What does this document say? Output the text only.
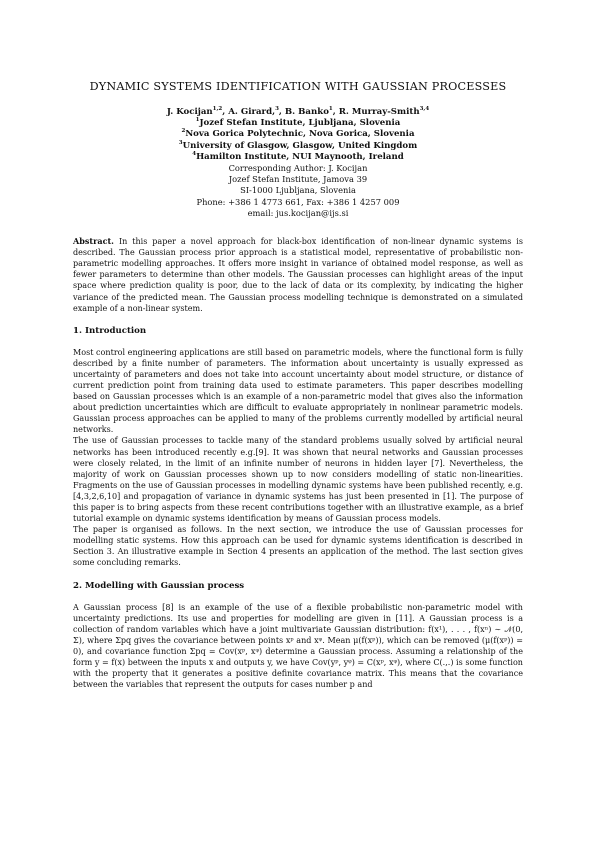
DYNAMIC SYSTEMS IDENTIFICATION WITH GAUSSIAN PROCESSES
J. Kocijan$^{1,2}$, A. Girard,$^3$, B. Banko$^1$, R. Murray-Smith$^{3,4}$
$^1$Jozef Stefan Institute, Ljubljana, Slovenia
$^2$Nova Gorica Polytechnic, Nova Gorica, Slovenia
$^3$University of Glasgow, Glasgow, United Kingdom
$^4$Hamilton Institute, NUI Maynooth, Ireland
Corresponding Author: J. Kocijan
Jozef Stefan Institute, Jamova 39
SI-1000 Ljubljana, Slovenia
Phone: +386 1 4773 661, Fax: +386 1 4257 009
email: jus.kocijan@ijs.si
Abstract. In this paper a novel approach for black-box identification of non-linear dynamic systems is described. The Gaussian process prior approach is a statistical model, representative of probabilistic non-parametric modelling approaches. It offers more insight in variance of obtained model response, as well as fewer parameters to determine than other models. The Gaussian processes can highlight areas of the input space where prediction quality is poor, due to the lack of data or its complexity, by indicating the higher variance of the predicted mean. The Gaussian process modelling technique is demonstrated on a simulated example of a non-linear system.
1. Introduction

Most control engineering applications are still based on parametric models, where the functional form is fully described by a finite number of parameters. The information about uncertainty is usually expressed as uncertainty of parameters and does not take into account uncertainty about model structure, or distance of current prediction point from training data used to estimate parameters. This paper describes modelling based on Gaussian processes which is an example of a non-parametric model that gives also the information about prediction uncertainties which are difficult to evaluate appropriately in nonlinear parametric models. Gaussian process approaches can be applied to many of the problems currently modelled by artificial neural networks.

The use of Gaussian processes to tackle many of the standard problems usually solved by artificial neural networks has been introduced recently e.g.[9]. It was shown that neural networks and Gaussian processes were closely related, in the limit of an infinite number of neurons in hidden layer [7]. Nevertheless, the majority of work on Gaussian processes shown up to now considers modelling of static non-linearities. Fragments on the use of Gaussian processes in modelling dynamic systems have been published recently, e.g. [4,3,2,6,10] and propagation of variance in dynamic systems has just been presented in [1]. The purpose of this paper is to bring aspects from these recent contributions together with an illustrative example, as a brief tutorial example on dynamic systems identification by means of Gaussian process models.

The paper is organised as follows. In the next section, we introduce the use of Gaussian processes for modelling static systems. How this approach can be used for dynamic systems identification is described in Section 3. An illustrative example in Section 4 presents an application of the method. The last section gives some concluding remarks.

2. Modelling with Gaussian process

A Gaussian process [8] is an example of the use of a flexible probabilistic non-parametric model with uncertainty predictions. Its use and properties for modelling are given in [11]. A Gaussian process is a collection of random variables which have a joint multivariate Gaussian distribution: f(x¹), . . . , f(xⁿ) ∼ 𝒩(0, Σ), where Σpq gives the covariance between points xᵖ and xᵠ. Mean μ(f(xᵖ)), which can be removed (μ(f(xᵖ)) = 0), and covariance function Σpq = Cov(xᵖ, xᵠ) determine a Gaussian process. Assuming a relationship of the form y = f(x) between the inputs x and outputs y, we have Cov(yᵖ, yᵠ) = C(xᵖ, xᵠ), where C(.,.) is some function with the property that it generates a positive definite covariance matrix. This means that the covariance between the variables that represent the outputs for cases number p and
